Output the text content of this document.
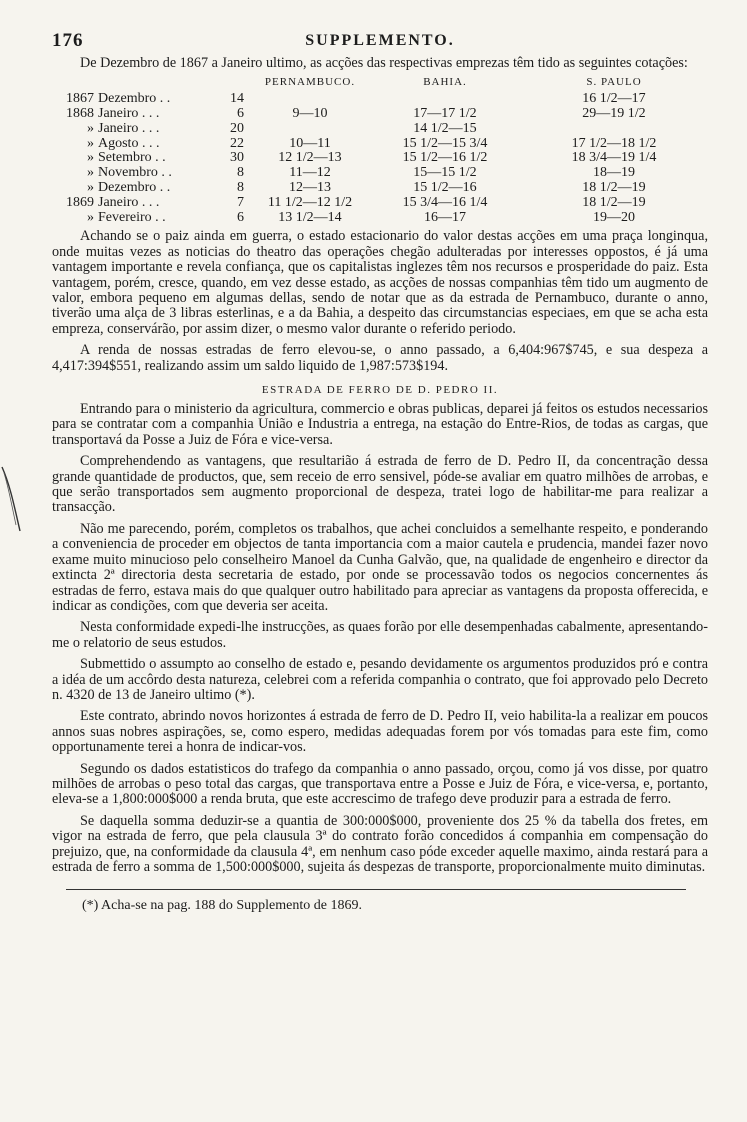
176	SUPPLEMENTO.

De Dezembro de 1867 a Janeiro ultimo, as acções das respectivas emprezas têm tido as seguintes cotações:

			PERNAMBUCO.	BAHIA.	S. PAULO
1867	Dezembro . .	14			16 1/2—17
1868	Janeiro . . .	6	9—10	17—17 1/2	29—19 1/2
»	Janeiro . . .	20		14 1/2—15	
»	Agosto . . .	22	10—11	15 1/2—15 3/4	17 1/2—18 1/2
»	Setembro . .	30	12 1/2—13	15 1/2—16 1/2	18 3/4—19 1/4
»	Novembro . .	8	11—12	15—15 1/2	18—19
»	Dezembro . .	8	12—13	15 1/2—16	18 1/2—19
1869	Janeiro . . .	7	11 1/2—12 1/2	15 3/4—16 1/4	18 1/2—19
»	Fevereiro . .	6	13 1/2—14	16—17	19—20

Achando se o paiz ainda em guerra, o estado estacionario do valor destas acções em uma praça longinqua, onde muitas vezes as noticias do theatro das operações chegão adulteradas por interesses oppostos, é já uma vantagem importante e revela confiança, que os capitalistas inglezes têm nos recursos e prosperidade do paiz. Esta vantagem, porém, cresce, quando, em vez desse estado, as acções de nossas companhias têm tido um augmento de valor, embora pequeno em algumas dellas, sendo de notar que as da estrada de Pernambuco, durante o anno, tiverão uma alça de 3 libras esterlinas, e a da Bahia, a despeito das circumstancias especiaes, em que se acha esta empreza, conservárão, por assim dizer, o mesmo valor durante o referido periodo.

A renda de nossas estradas de ferro elevou-se, o anno passado, a 6,404:967$745, e sua despeza a 4,417:394$551, realizando assim um saldo liquido de 1,987:573$194.

ESTRADA DE FERRO DE D. PEDRO II.

Entrando para o ministerio da agricultura, commercio e obras publicas, deparei já feitos os estudos necessarios para se contratar com a companhia União e Industria a entrega, na estação do Entre-Rios, de todas as cargas, que transportavá da Posse a Juiz de Fóra e vice-versa.

Comprehendendo as vantagens, que resultarião á estrada de ferro de D. Pedro II, da concentração dessa grande quantidade de productos, que, sem receio de erro sensivel, póde-se avaliar em quatro milhões de arrobas, e que serão transportados sem augmento proporcional de despeza, tratei logo de habilitar-me para realizar a transacção.

Não me parecendo, porém, completos os trabalhos, que achei concluidos a semelhante respeito, e ponderando a conveniencia de proceder em objectos de tanta importancia com a maior cautela e prudencia, mandei fazer novo exame muito minucioso pelo conselheiro Manoel da Cunha Galvão, que, na qualidade de engenheiro e director da extincta 2ª directoria desta secretaria de estado, por onde se processavão todos os negocios concernentes ás estradas de ferro, estava mais do que qualquer outro habilitado para apreciar as vantagens da proposta offerecida, e indicar as condições, com que deveria ser aceita.

Nesta conformidade expedi-lhe instrucções, as quaes forão por elle desempenhadas cabalmente, apresentando-me o relatorio de seus estudos.

Submettido o assumpto ao conselho de estado e, pesando devidamente os argumentos produzidos pró e contra a idéa de um accôrdo desta natureza, celebrei com a referida companhia o contrato, que foi approvado pelo Decreto n. 4320 de 13 de Janeiro ultimo (*).

Este contrato, abrindo novos horizontes á estrada de ferro de D. Pedro II, veio habilita-la a realizar em poucos annos suas nobres aspirações, se, como espero, medidas adequadas forem por vós tomadas para este fim, como opportunamente terei a honra de indicar-vos.

Segundo os dados estatisticos do trafego da companhia o anno passado, orçou, como já vos disse, por quatro milhões de arrobas o peso total das cargas, que transportava entre a Posse e Juiz de Fóra, e vice-versa, e, portanto, eleva-se a 1,800:000$000 a renda bruta, que este accrescimo de trafego deve produzir para a estrada de ferro.

Se daquella somma deduzir-se a quantia de 300:000$000, proveniente dos 25 % da tabella dos fretes, em vigor na estrada de ferro, que pela clausula 3ª do contrato forão concedidos á companhia em compensação do prejuizo, que, na conformidade da clausula 4ª, em nenhum caso póde exceder aquelle maximo, ainda restará para a estrada de ferro a somma de 1,500:000$000, sujeita ás despezas de transporte, proporcionalmente muito diminutas.

(*) Acha-se na pag. 188 do Supplemento de 1869.
